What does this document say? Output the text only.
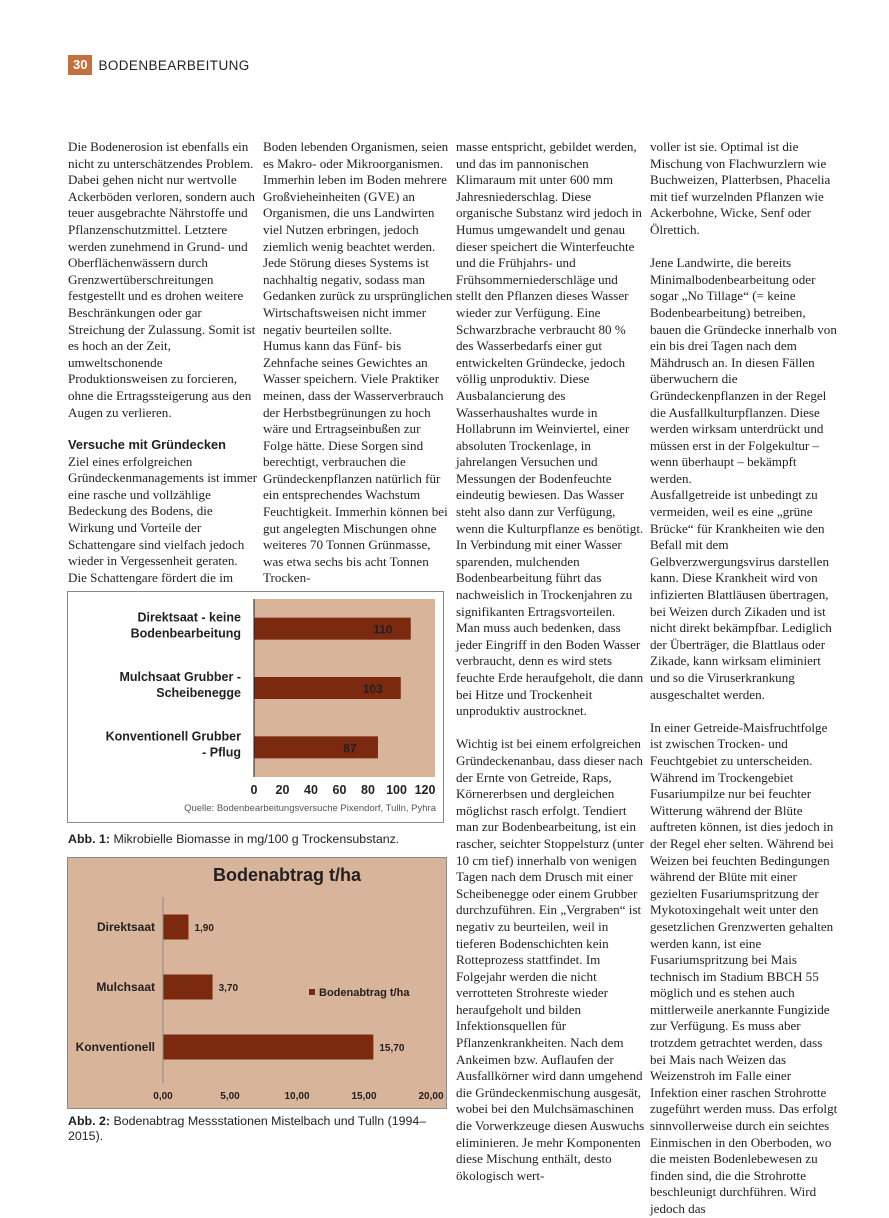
30 BODENBEARBEITUNG

Die Bodenerosion ist ebenfalls ein nicht zu unterschätzendes Problem. Dabei gehen nicht nur wertvolle Ackerböden verloren, sondern auch teuer ausgebrachte Nährstoffe und Pflanzenschutzmittel. Letztere werden zunehmend in Grund- und Oberflächenwässern durch Grenzwertüberschreitungen festgestellt und es drohen weitere Beschränkungen oder gar Streichung der Zulassung. Somit ist es hoch an der Zeit, umweltschonende Produktionsweisen zu forcieren, ohne die Ertragssteigerung aus den Augen zu verlieren.

Versuche mit Gründecken

Ziel eines erfolgreichen Gründeckenmanagements ist immer eine rasche und vollzählige Bedeckung des Bodens, die Wirkung und Vorteile der Schattengare sind vielfach jedoch wieder in Vergessenheit geraten. Die Schattengare fördert die im

Boden lebenden Organismen, seien es Makro- oder Mikroorganismen. Immerhin leben im Boden mehrere Großvieheinheiten (GVE) an Organismen, die uns Landwirten viel Nutzen erbringen, jedoch ziemlich wenig beachtet werden. Jede Störung dieses Systems ist nachhaltig negativ, sodass man Gedanken zurück zu ursprünglichen Wirtschaftsweisen nicht immer negativ beurteilen sollte.

Humus kann das Fünf- bis Zehnfache seines Gewichtes an Wasser speichern. Viele Praktiker meinen, dass der Wasserverbrauch der Herbstbegrünungen zu hoch wäre und Ertragseinbußen zur Folge hätte. Diese Sorgen sind berechtigt, verbrauchen die Gründeckenpflanzen natürlich für ein entsprechendes Wachstum Feuchtigkeit. Immerhin können bei gut angelegten Mischungen ohne weiteres 70 Tonnen Grünmasse, was etwa sechs bis acht Tonnen Trocken-

masse entspricht, gebildet werden, und das im pannonischen Klimaraum mit unter 600 mm Jahresniederschlag. Diese organische Substanz wird jedoch in Humus umgewandelt und genau dieser speichert die Winterfeuchte und die Frühjahrs- und Frühsommerniederschläge und stellt den Pflanzen dieses Wasser wieder zur Verfügung. Eine Schwarzbrache verbraucht 80 % des Wasserbedarfs einer gut entwickelten Gründecke, jedoch völlig unproduktiv. Diese Ausbalancierung des Wasserhaushaltes wurde in Hollabrunn im Weinviertel, einer absoluten Trockenlage, in jahrelangen Versuchen und Messungen der Bodenfeuchte eindeutig bewiesen. Das Wasser steht also dann zur Verfügung, wenn die Kulturpflanze es benötigt. In Verbindung mit einer Wasser sparenden, mulchenden Bodenbearbeitung führt das nachweislich in Trockenjahren zu signifikanten Ertragsvorteilen.

Man muss auch bedenken, dass jeder Eingriff in den Boden Wasser verbraucht, denn es wird stets feuchte Erde heraufgeholt, die dann bei Hitze und Trockenheit unproduktiv austrocknet.

Wichtig ist bei einem erfolgreichen Gründeckenanbau, dass dieser nach der Ernte von Getreide, Raps, Körnererbsen und dergleichen möglichst rasch erfolgt. Tendiert man zur Bodenbearbeitung, ist ein rascher, seichter Stoppelsturz (unter 10 cm tief) innerhalb von wenigen Tagen nach dem Drusch mit einer Scheibenegge oder einem Grubber durchzuführen. Ein „Vergraben“ ist negativ zu beurteilen, weil in tieferen Bodenschichten kein Rotteprozess stattfindet. Im Folgejahr werden die nicht verrotteten Strohreste wieder heraufgeholt und bilden Infektionsquellen für Pflanzenkrankheiten. Nach dem Ankeimen bzw. Auflaufen der Ausfallkörner wird dann umgehend die Gründeckenmischung ausgesät, wobei bei den Mulchsämaschinen die Vorwerkzeuge diesen Auswuchs eliminieren. Je mehr Komponenten diese Mischung enthält, desto ökologisch wert-

voller ist sie. Optimal ist die Mischung von Flachwurzlern wie Buchweizen, Platterbsen, Phacelia mit tief wurzelnden Pflanzen wie Ackerbohne, Wicke, Senf oder Ölrettich.

Jene Landwirte, die bereits Minimalbodenbearbeitung oder sogar „No Tillage“ (= keine Bodenbearbeitung) betreiben, bauen die Gründecke innerhalb von ein bis drei Tagen nach dem Mähdrusch an. In diesen Fällen überwuchern die Gründeckenpflanzen in der Regel die Ausfallkulturpflanzen. Diese werden wirksam unterdrückt und müssen erst in der Folgekultur – wenn überhaupt – bekämpft werden.

Ausfallgetreide ist unbedingt zu vermeiden, weil es eine „grüne Brücke“ für Krankheiten wie den Befall mit dem Gelbverzwergungsvirus darstellen kann. Diese Krankheit wird von infizierten Blattläusen übertragen, bei Weizen durch Zikaden und ist nicht direkt bekämpfbar. Lediglich der Überträger, die Blattlaus oder Zikade, kann wirksam eliminiert und so die Viruserkrankung ausgeschaltet werden.

In einer Getreide-Maisfruchtfolge ist zwischen Trocken- und Feuchtgebiet zu unterscheiden. Während im Trockengebiet Fusariumpilze nur bei feuchter Witterung während der Blüte auftreten können, ist dies jedoch in der Regel eher selten. Während bei Weizen bei feuchten Bedingungen während der Blüte mit einer gezielten Fusariumspritzung der Mykotoxingehalt weit unter den gesetzlichen Grenzwerten gehalten werden kann, ist eine Fusariumspritzung bei Mais technisch im Stadium BBCH 55 möglich und es stehen auch mittlerweile anerkannte Fungizide zur Verfügung. Es muss aber trotzdem getrachtet werden, dass bei Mais nach Weizen das Weizenstroh im Falle einer Infektion einer raschen Strohrotte zugeführt werden muss. Das erfolgt sinnvollerweise durch ein seichtes Einmischen in den Oberboden, wo die meisten Bodenlebewesen zu finden sind, die die Strohrotte beschleunigt durchführen. Wird jedoch das

110
103
87
Direktsaat - keine Bodenbearbeitung
Mulchsaat Grubber -Scheibenegge
Konventionell Grubber - Pflug
0 20 40 60 80 100 120
Quelle: Bodenbearbeitungsversuche Pixendorf, Tulln, Pyhra
Abb. 1: Mikrobielle Biomasse in mg/100 g Trockensubstanz.
Bodenabtrag t/ha
1,90
3,70
15,70
Direktsaat
Mulchsaat
Konventionell
0,00	5,00	10,00	15,00	20,00
Bodenabtrag t/ha
Abb. 2: Bodenabtrag Messstationen Mistelbach und Tulln (1994–2015).
